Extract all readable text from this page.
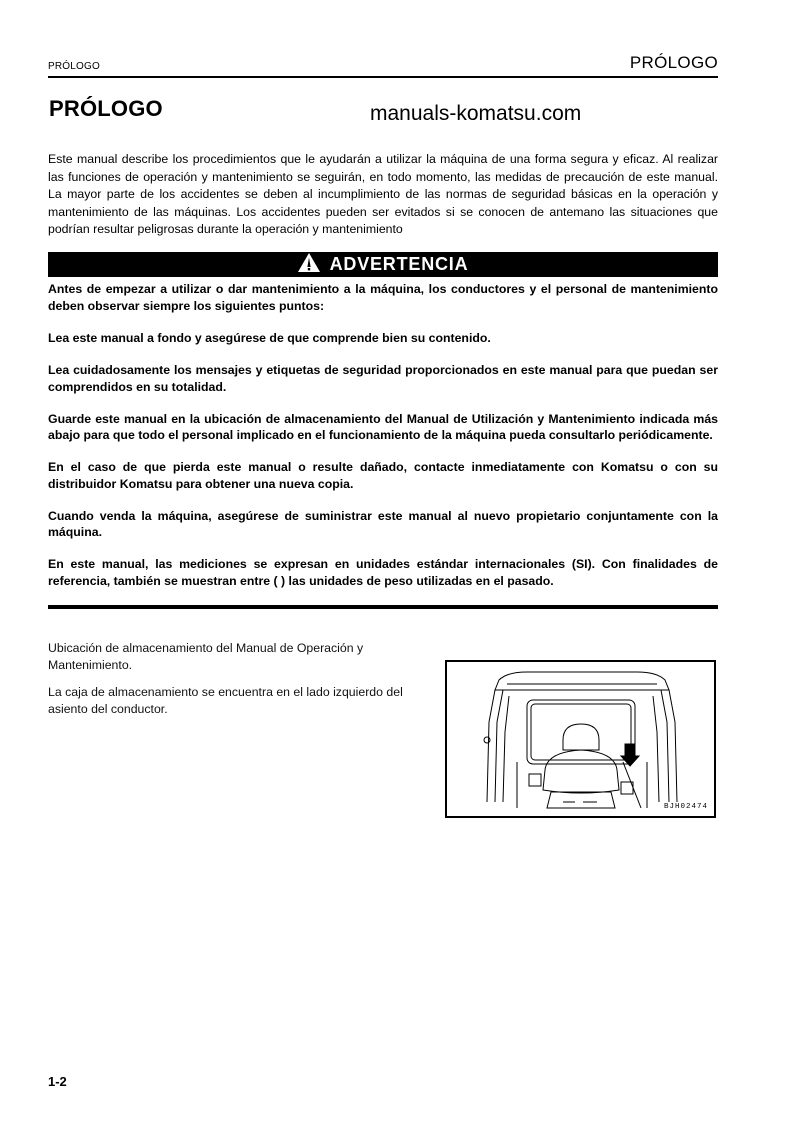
PRÓLOGO	PRÓLOGO
PRÓLOGO	manuals-komatsu.com
Este manual describe los procedimientos que le ayudarán a utilizar la máquina de una forma segura y eficaz. Al realizar las funciones de operación y mantenimiento se seguirán, en todo momento, las medidas de precaución de este manual. La mayor parte de los accidentes se deben al incumplimiento de las normas de seguridad básicas en la operación y mantenimiento de las máquinas. Los accidentes pueden ser evitados si se conocen de antemano las situaciones que podrían resultar peligrosas durante la operación y mantenimiento
ADVERTENCIA

Antes de empezar a utilizar o dar mantenimiento a la máquina, los conductores y el personal de mantenimiento deben observar siempre los siguientes puntos:

Lea este manual a fondo y asegúrese de que comprende bien su contenido.

Lea cuidadosamente los mensajes y etiquetas de seguridad proporcionados en este manual para que puedan ser comprendidos en su totalidad.

Guarde este manual en la ubicación de almacenamiento del Manual de Utilización y Mantenimiento indicada más abajo para que todo el personal implicado en el funcionamiento de la máquina pueda consultarlo periódicamente.

En el caso de que pierda este manual o resulte dañado, contacte inmediatamente con Komatsu o con su distribuidor Komatsu para obtener una nueva copia.

Cuando venda la máquina, asegúrese de suministrar este manual al nuevo propietario conjuntamente con la máquina.

En este manual, las mediciones se expresan en unidades estándar internacionales (SI). Con finalidades de referencia, también se muestran entre ( ) las unidades de peso utilizadas en el pasado.

Ubicación de almacenamiento del Manual de Operación y Mantenimiento.

La caja de almacenamiento se encuentra en el lado izquierdo del asiento del conductor.

BJH02474
1-2
